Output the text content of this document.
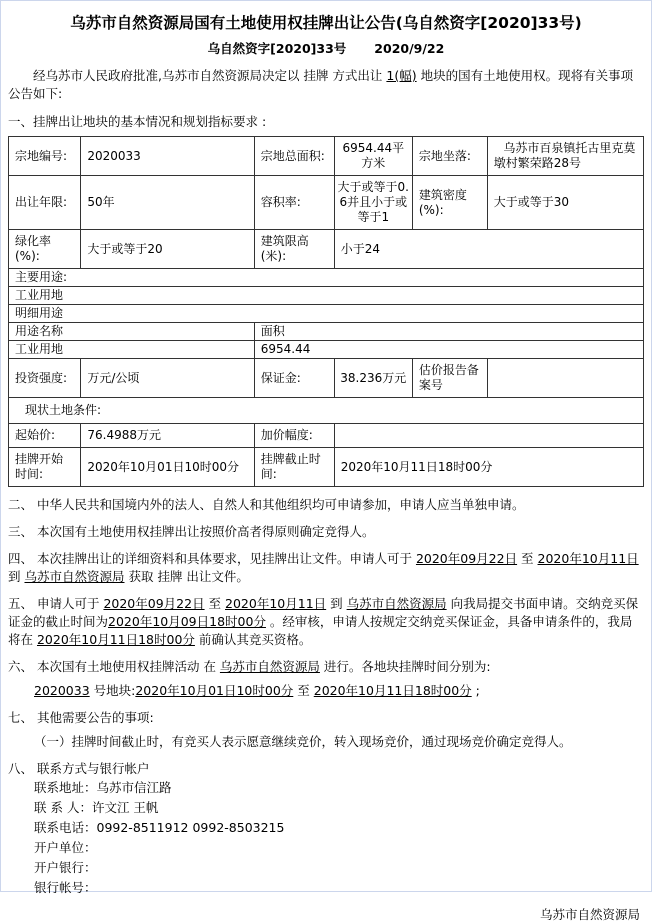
乌苏市自然资源局国有土地使用权挂牌出让公告(乌自然资字[2020]33号)
乌自然资字[2020]33号 2020/9/22

经乌苏市人民政府批准,乌苏市自然资源局决定以 挂牌 方式出让 1(幅) 地块的国有土地使用权。现将有关事项公告如下:

一、挂牌出让地块的基本情况和规划指标要求 :
宗地编号:	2020033	宗地总面积:	6954.44平方米	宗地坐落:	乌苏市百泉镇托古里克莫墩村繁荣路28号
出让年限:	50年	容积率:	大于或等于0.6并且小于或等于1	建筑密度(%):	大于或等于30
绿化率(%):	大于或等于20	建筑限高(米):	小于24		
主要用途:					
工业用地					
明细用途					
用途名称		面积			
工业用地		6954.44			
投资强度:	万元/公顷	保证金:	38.236万元	估价报告备案号	
现状土地条件:					
起始价:	76.4988万元	加价幅度:			
挂牌开始时间:	2020年10月01日10时00分	挂牌截止时间:	2020年10月11日18时00分		
二、 中华人民共和国境内外的法人、自然人和其他组织均可申请参加，申请人应当单独申请。
三、 本次国有土地使用权挂牌出让按照价高者得原则确定竞得人。
四、 本次挂牌出让的详细资料和具体要求，见挂牌出让文件。申请人可于 2020年09月22日 至 2020年10月11日 到 乌苏市自然资源局 获取 挂牌 出让文件。
五、 申请人可于 2020年09月22日 至 2020年10月11日 到 乌苏市自然资源局 向我局提交书面申请。交纳竞买保证金的截止时间为2020年10月09日18时00分 。经审核，申请人按规定交纳竞买保证金，具备申请条件的，我局将在 2020年10月11日18时00分 前确认其竞买资格。
六、 本次国有土地使用权挂牌活动 在 乌苏市自然资源局 进行。各地块挂牌时间分别为:
2020033 号地块:2020年10月01日10时00分 至 2020年10月11日18时00分 ;
七、 其他需要公告的事项:
（一）挂牌时间截止时，有竞买人表示愿意继续竞价，转入现场竞价，通过现场竞价确定竞得人。
八、 联系方式与银行帐户
联系地址：乌苏市信江路
联 系 人：许文江 王帆
联系电话：0992-8511912 0992-8503215
开户单位：
开户银行：
银行帐号：
乌苏市自然资源局
